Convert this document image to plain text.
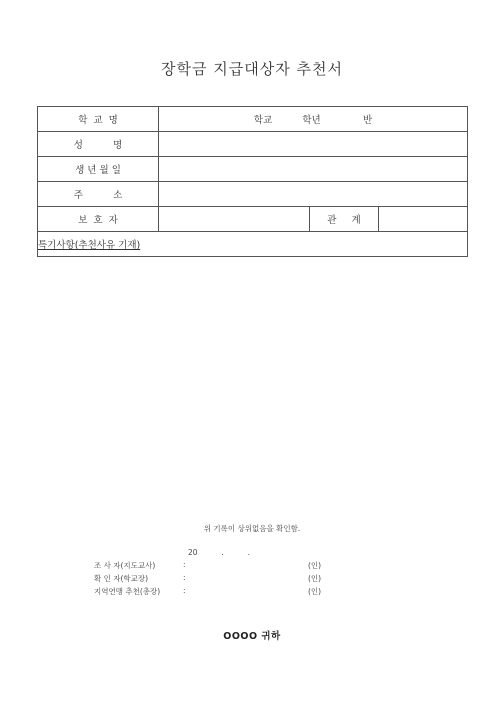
장학금 지급대상자 추천서
학  교  명	학교          학년              반		
성          명			
생 년 월 일			
주          소			
보  호  자		관     계	
특기사항(추천사유 기재)			
위 기록이 상위없음을 확인함.
20          .          .
조 사 자(지도교사)	:	(인)
확 인 자(학교장)	:	(인)
지역연맹 추천(총장)	:	(인)
OOOO 귀하
